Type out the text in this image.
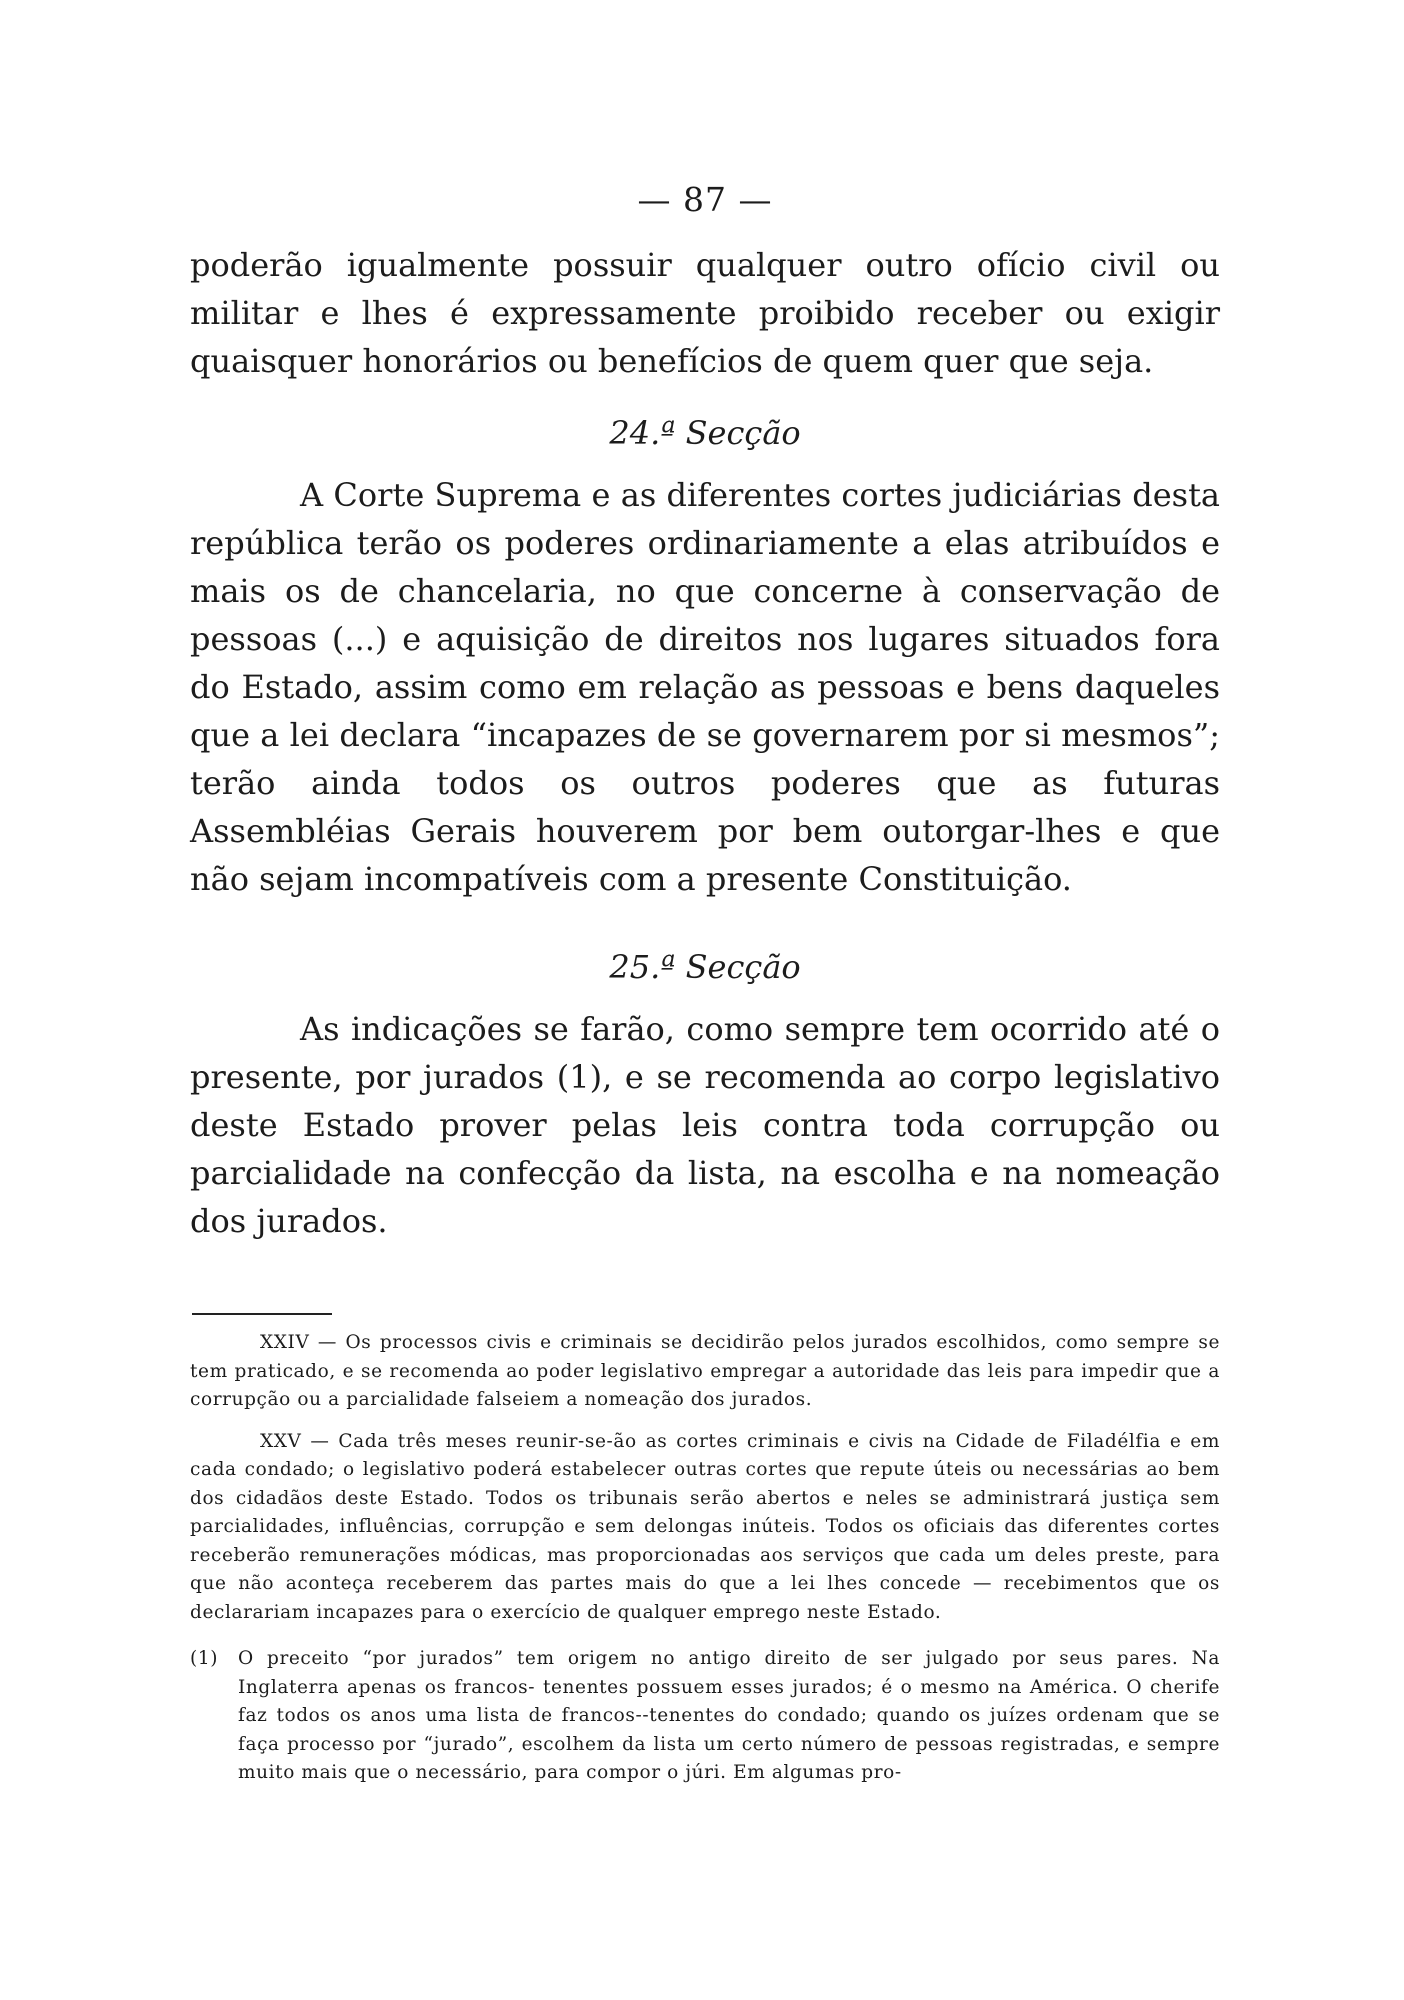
— 87 —

poderão igualmente possuir qualquer outro ofício civil ou militar e lhes é expressamente proibido receber ou exigir quaisquer honorários ou benefícios de quem quer que seja.

24.ª Secção

A Corte Suprema e as diferentes cortes judiciárias desta república terão os poderes ordinariamente a elas atribuídos e mais os de chancelaria, no que concerne à conservação de pessoas (...) e aquisição de direitos nos lugares situados fora do Estado, assim como em relação as pessoas e bens daqueles que a lei declara “incapazes de se governarem por si mesmos”; terão ainda todos os outros poderes que as futuras Assembléias Gerais houverem por bem outorgar-lhes e que não sejam incompatíveis com a presente Constituição.

25.ª Secção

As indicações se farão, como sempre tem ocorrido até o presente, por jurados (1), e se recomenda ao corpo legislativo deste Estado prover pelas leis contra toda corrupção ou parcialidade na confecção da lista, na escolha e na nomeação dos jurados.

XXIV — Os processos civis e criminais se decidirão pelos jurados escolhidos, como sempre se tem praticado, e se recomenda ao poder legislativo empregar a autoridade das leis para impedir que a corrupção ou a parcialidade falseiem a nomeação dos jurados.

XXV — Cada três meses reunir-se-ão as cortes criminais e civis na Cidade de Filadélfia e em cada condado; o legislativo poderá estabelecer outras cortes que repute úteis ou necessárias ao bem dos cidadãos deste Estado. Todos os tribunais serão abertos e neles se administrará justiça sem parcialidades, influências, corrupção e sem delongas inúteis. Todos os oficiais das diferentes cortes receberão remunerações módicas, mas proporcionadas aos serviços que cada um deles preste, para que não aconteça receberem das partes mais do que a lei lhes concede — recebimentos que os declarariam incapazes para o exercício de qualquer emprego neste Estado.

(1)	O preceito “por jurados” tem origem no antigo direito de ser julgado por seus pares. Na Inglaterra apenas os francos- tenentes possuem esses jurados; é o mesmo na América. O cherife faz todos os anos uma lista de francos--tenentes do condado; quando os juízes ordenam que se faça processo por “jurado”, escolhem da lista um certo número de pessoas registradas, e sempre muito mais que o necessário, para compor o júri. Em algumas pro-
